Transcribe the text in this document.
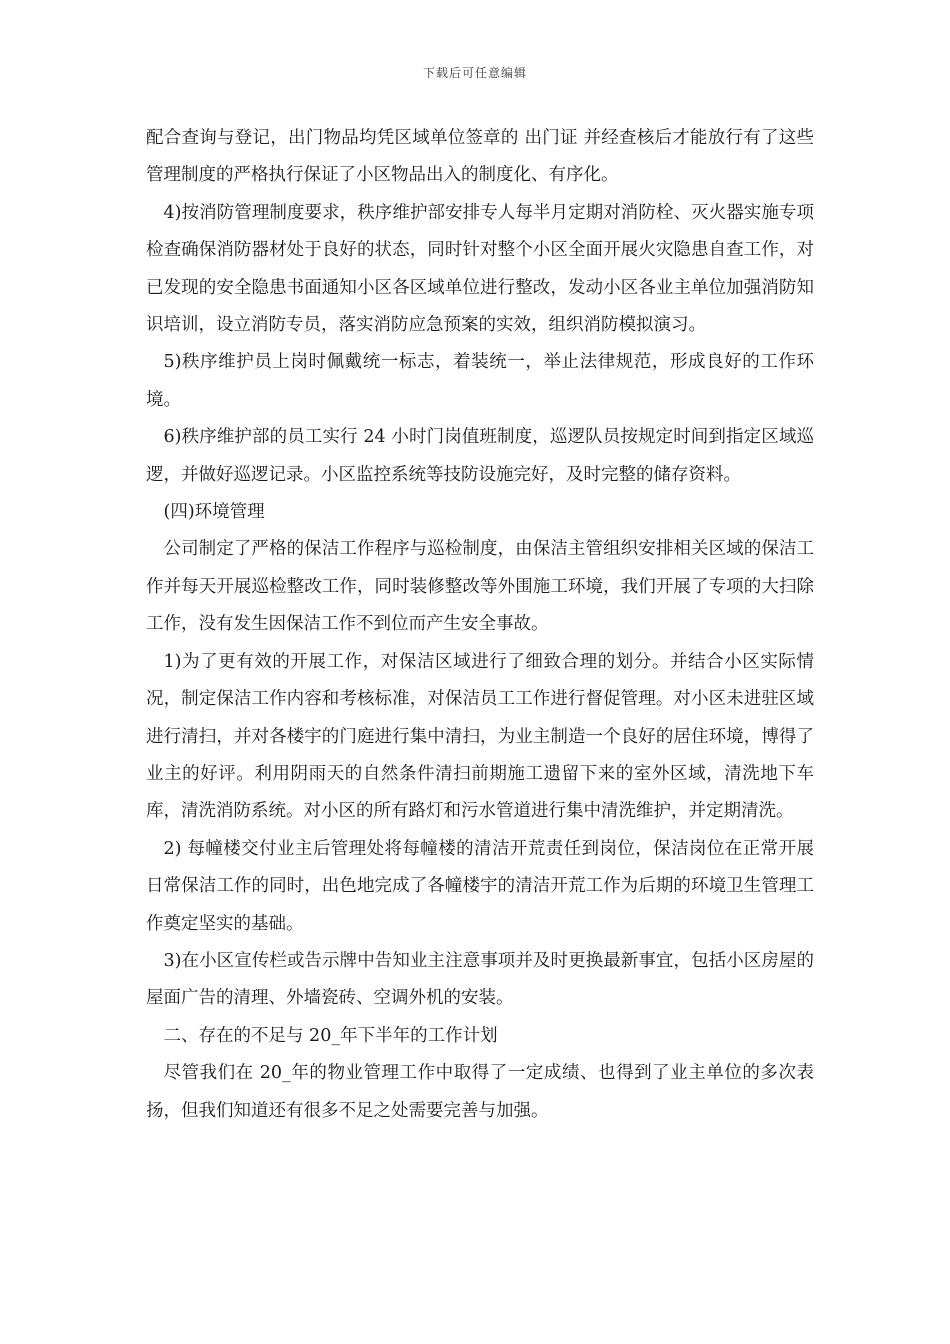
下载后可任意编辑

配合查询与登记，出门物品均凭区域单位签章的 出门证 并经查核后才能放行有了这些管理制度的严格执行保证了小区物品出入的制度化、有序化。

4)按消防管理制度要求，秩序维护部安排专人每半月定期对消防栓、灭火器实施专项检查确保消防器材处于良好的状态，同时针对整个小区全面开展火灾隐患自查工作，对已发现的安全隐患书面通知小区各区域单位进行整改，发动小区各业主单位加强消防知识培训，设立消防专员，落实消防应急预案的实效，组织消防模拟演习。

5)秩序维护员上岗时佩戴统一标志，着装统一，举止法律规范，形成良好的工作环境。

6)秩序维护部的员工实行 24 小时门岗值班制度，巡逻队员按规定时间到指定区域巡逻，并做好巡逻记录。小区监控系统等技防设施完好，及时完整的储存资料。

(四)环境管理

公司制定了严格的保洁工作程序与巡检制度，由保洁主管组织安排相关区域的保洁工作并每天开展巡检整改工作，同时装修整改等外围施工环境，我们开展了专项的大扫除工作，没有发生因保洁工作不到位而产生安全事故。

1)为了更有效的开展工作，对保洁区域进行了细致合理的划分。并结合小区实际情况，制定保洁工作内容和考核标准，对保洁员工工作进行督促管理。对小区未进驻区域进行清扫，并对各楼宇的门庭进行集中清扫，为业主制造一个良好的居住环境，博得了业主的好评。利用阴雨天的自然条件清扫前期施工遗留下来的室外区域，清洗地下车库，清洗消防系统。对小区的所有路灯和污水管道进行集中清洗维护，并定期清洗。

2) 每幢楼交付业主后管理处将每幢楼的清洁开荒责任到岗位，保洁岗位在正常开展日常保洁工作的同时，出色地完成了各幢楼宇的清洁开荒工作为后期的环境卫生管理工作奠定坚实的基础。

3)在小区宣传栏或告示牌中告知业主注意事项并及时更换最新事宜，包括小区房屋的屋面广告的清理、外墙瓷砖、空调外机的安装。

二、存在的不足与 20_年下半年的工作计划

尽管我们在 20_年的物业管理工作中取得了一定成绩、也得到了业主单位的多次表扬，但我们知道还有很多不足之处需要完善与加强。
